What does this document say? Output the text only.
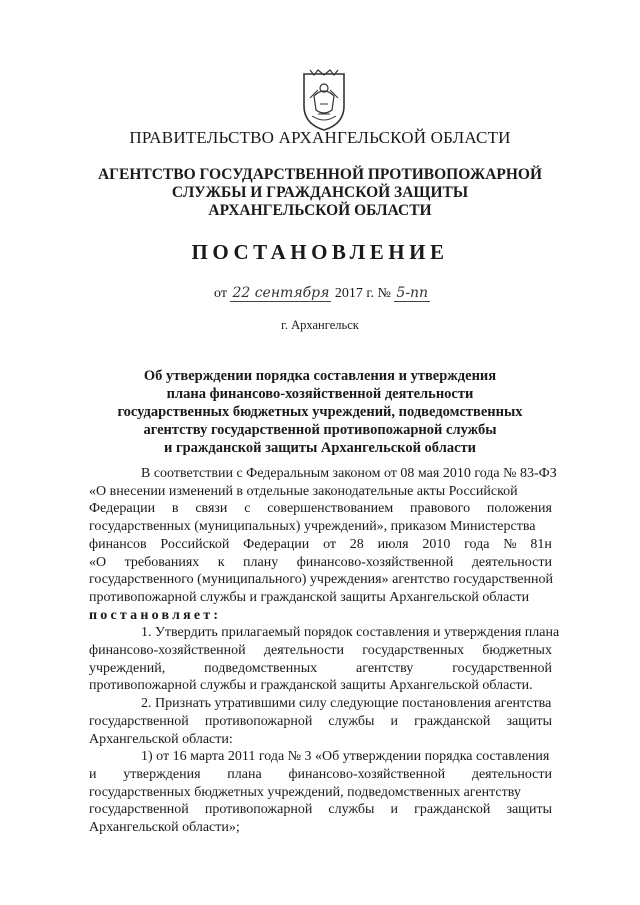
ПРАВИТЕЛЬСТВО АРХАНГЕЛЬСКОЙ ОБЛАСТИ
АГЕНТСТВО ГОСУДАРСТВЕННОЙ ПРОТИВОПОЖАРНОЙ
СЛУЖБЫ И ГРАЖДАНСКОЙ ЗАЩИТЫ
АРХАНГЕЛЬСКОЙ ОБЛАСТИ
ПОСТАНОВЛЕНИЕ
от 22 сентября 2017 г. № 5-пп
г. Архангельск
Об утверждении порядка составления и утверждения
плана финансово-хозяйственной деятельности
государственных бюджетных учреждений, подведомственных
агентству государственной противопожарной службы
и гражданской защиты Архангельской области
В соответствии с Федеральным законом от 08 мая 2010 года № 83-ФЗ
«О внесении изменений в отдельные законодательные акты Российской
Федерации в связи с совершенствованием правового положения
государственных (муниципальных) учреждений», приказом Министерства
финансов Российской Федерации от 28 июля 2010 года № 81н
«О требованиях к плану финансово-хозяйственной деятельности
государственного (муниципального) учреждения» агентство государственной
противопожарной службы и гражданской защиты Архангельской области
постановляет:
1. Утвердить прилагаемый порядок составления и утверждения плана
финансово-хозяйственной деятельности государственных бюджетных
учреждений,	подведомственных	агентству	государственной
противопожарной службы и гражданской защиты Архангельской области.
2. Признать утратившими силу следующие постановления агентства
государственной противопожарной службы и гражданской защиты
Архангельской области:
1) от 16 марта 2011 года № 3 «Об утверждении порядка составления
и утверждения плана финансово-хозяйственной деятельности
государственных бюджетных учреждений, подведомственных агентству
государственной противопожарной службы и гражданской защиты
Архангельской области»;
